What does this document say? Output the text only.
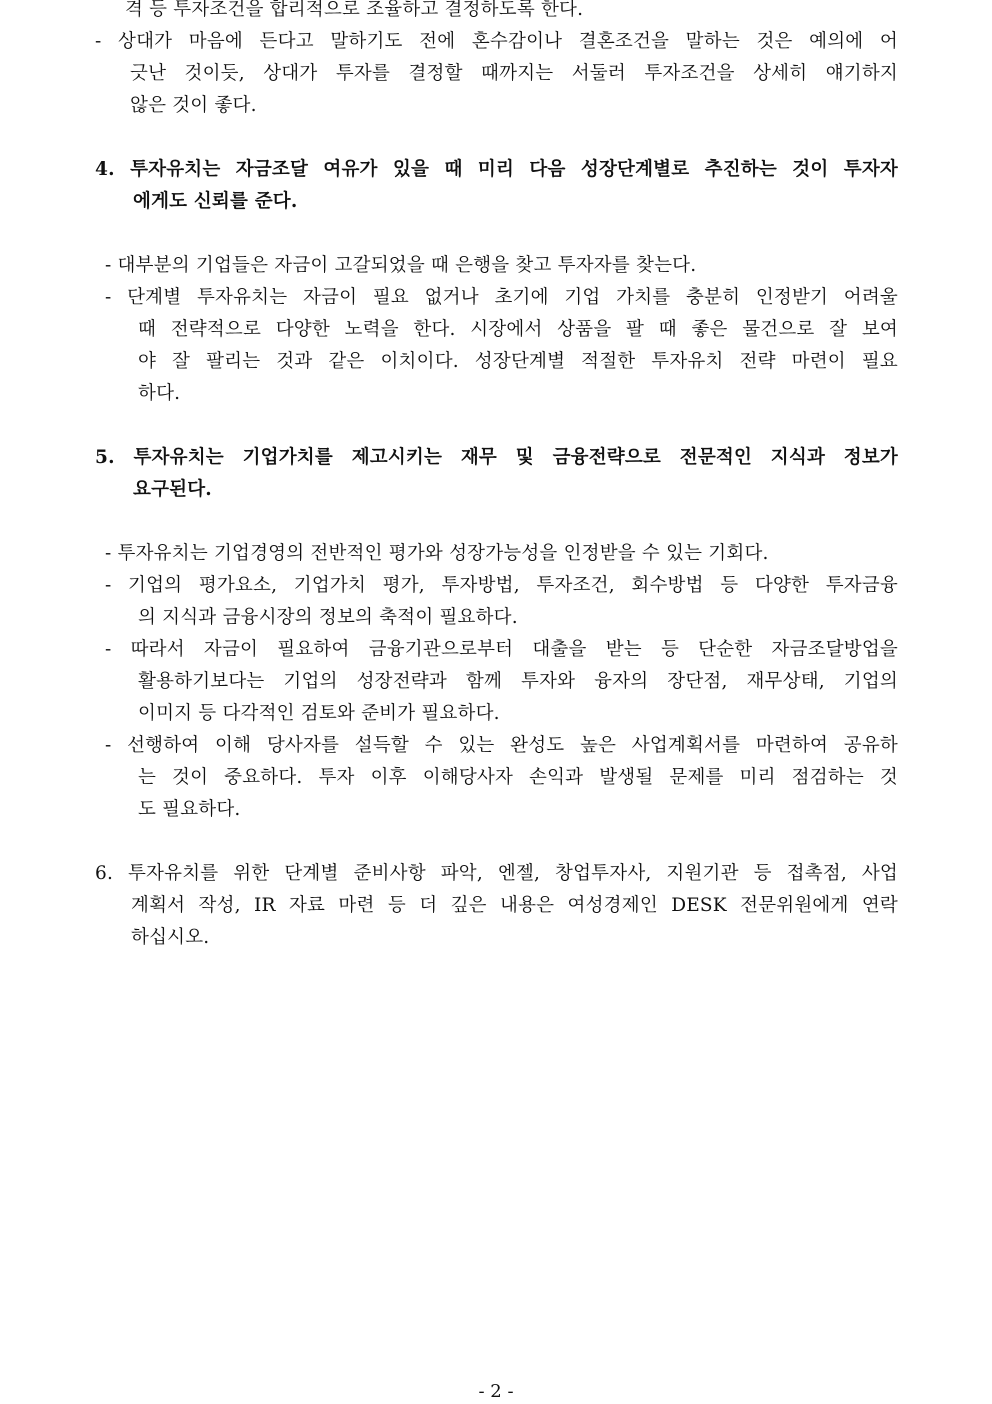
격 등 투자조건을 합리적으로 조율하고 결정하도록 한다.
- 상대가 마음에 든다고 말하기도 전에 혼수감이나 결혼조건을 말하는 것은 예의에 어
긋난 것이듯, 상대가 투자를 결정할 때까지는 서둘러 투자조건을 상세히 얘기하지
않은 것이 좋다.
4. 투자유치는 자금조달 여유가 있을 때 미리 다음 성장단계별로 추진하는 것이 투자자
에게도 신뢰를 준다.
- 대부분의 기업들은 자금이 고갈되었을 때 은행을 찾고 투자자를 찾는다.
- 단계별 투자유치는 자금이 필요 없거나 초기에 기업 가치를 충분히 인정받기 어려울
때 전략적으로 다양한 노력을 한다. 시장에서 상품을 팔 때 좋은 물건으로 잘 보여
야 잘 팔리는 것과 같은 이치이다. 성장단계별 적절한 투자유치 전략 마련이 필요
하다.
5. 투자유치는 기업가치를 제고시키는 재무 및 금융전략으로 전문적인 지식과 정보가
요구된다.
- 투자유치는 기업경영의 전반적인 평가와 성장가능성을 인정받을 수 있는 기회다.
- 기업의 평가요소, 기업가치 평가, 투자방법, 투자조건, 회수방법 등 다양한 투자금융
의 지식과 금융시장의 정보의 축적이 필요하다.
- 따라서 자금이 필요하여 금융기관으로부터 대출을 받는 등 단순한 자금조달방업을
활용하기보다는 기업의 성장전략과 함께 투자와 융자의 장단점, 재무상태, 기업의
이미지 등 다각적인 검토와 준비가 필요하다.
- 선행하여 이해 당사자를 설득할 수 있는 완성도 높은 사업계획서를 마련하여 공유하
는 것이 중요하다. 투자 이후 이해당사자 손익과 발생될 문제를 미리 점검하는 것
도 필요하다.
6. 투자유치를 위한 단계별 준비사항 파악, 엔젤, 창업투자사, 지원기관 등 접촉점, 사업
계획서 작성, IR 자료 마련 등 더 깊은 내용은 여성경제인 DESK 전문위원에게 연락
하십시오.
- 2 -
